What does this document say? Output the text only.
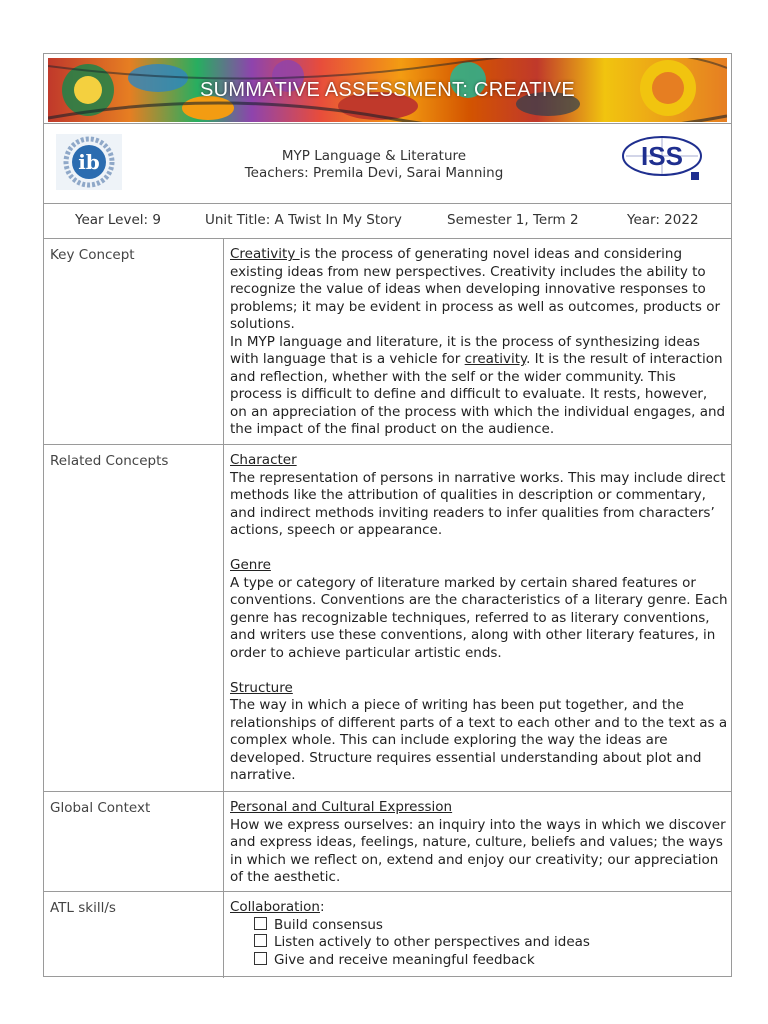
SUMMATIVE ASSESSMENT: CREATIVE
ib	MYP Language & Literature
Teachers: Premila Devi, Sarai Manning
ISS
Year Level: 9	Unit Title: A Twist In My Story	Semester 1, Term 2	Year: 2022
Key Concept	Creativity is the process of generating novel ideas and considering existing ideas from new perspectives. Creativity includes the ability to recognize the value of ideas when developing innovative responses to problems; it may be evident in process as well as outcomes, products or solutions.

In MYP language and literature, it is the process of synthesizing ideas with language that is a vehicle for creativity. It is the result of interaction and reflection, whether with the self or the wider community. This process is difficult to define and difficult to evaluate. It rests, however, on an appreciation of the process with which the individual engages, and the impact of the final product on the audience.

Related Concepts	Character
The representation of persons in narrative works. This may include direct methods like the attribution of qualities in description or commentary, and indirect methods inviting readers to infer qualities from characters’ actions, speech or appearance.
Genre
A type or category of literature marked by certain shared features or conventions. Conventions are the characteristics of a literary genre. Each genre has recognizable techniques, referred to as literary conventions, and writers use these conventions, along with other literary features, in order to achieve particular artistic ends.
Structure
The way in which a piece of writing has been put together, and the relationships of different parts of a text to each other and to the text as a complex whole. This can include exploring the way the ideas are developed. Structure requires essential understanding about plot and narrative.
Global Context	Personal and Cultural Expression
How we express ourselves: an inquiry into the ways in which we discover and express ideas, feelings, nature, culture, beliefs and values; the ways in which we reflect on, extend and enjoy our creativity; our appreciation of the aesthetic.
ATL skill/s	Collaboration:
Build consensus
Listen actively to other perspectives and ideas
Give and receive meaningful feedback
